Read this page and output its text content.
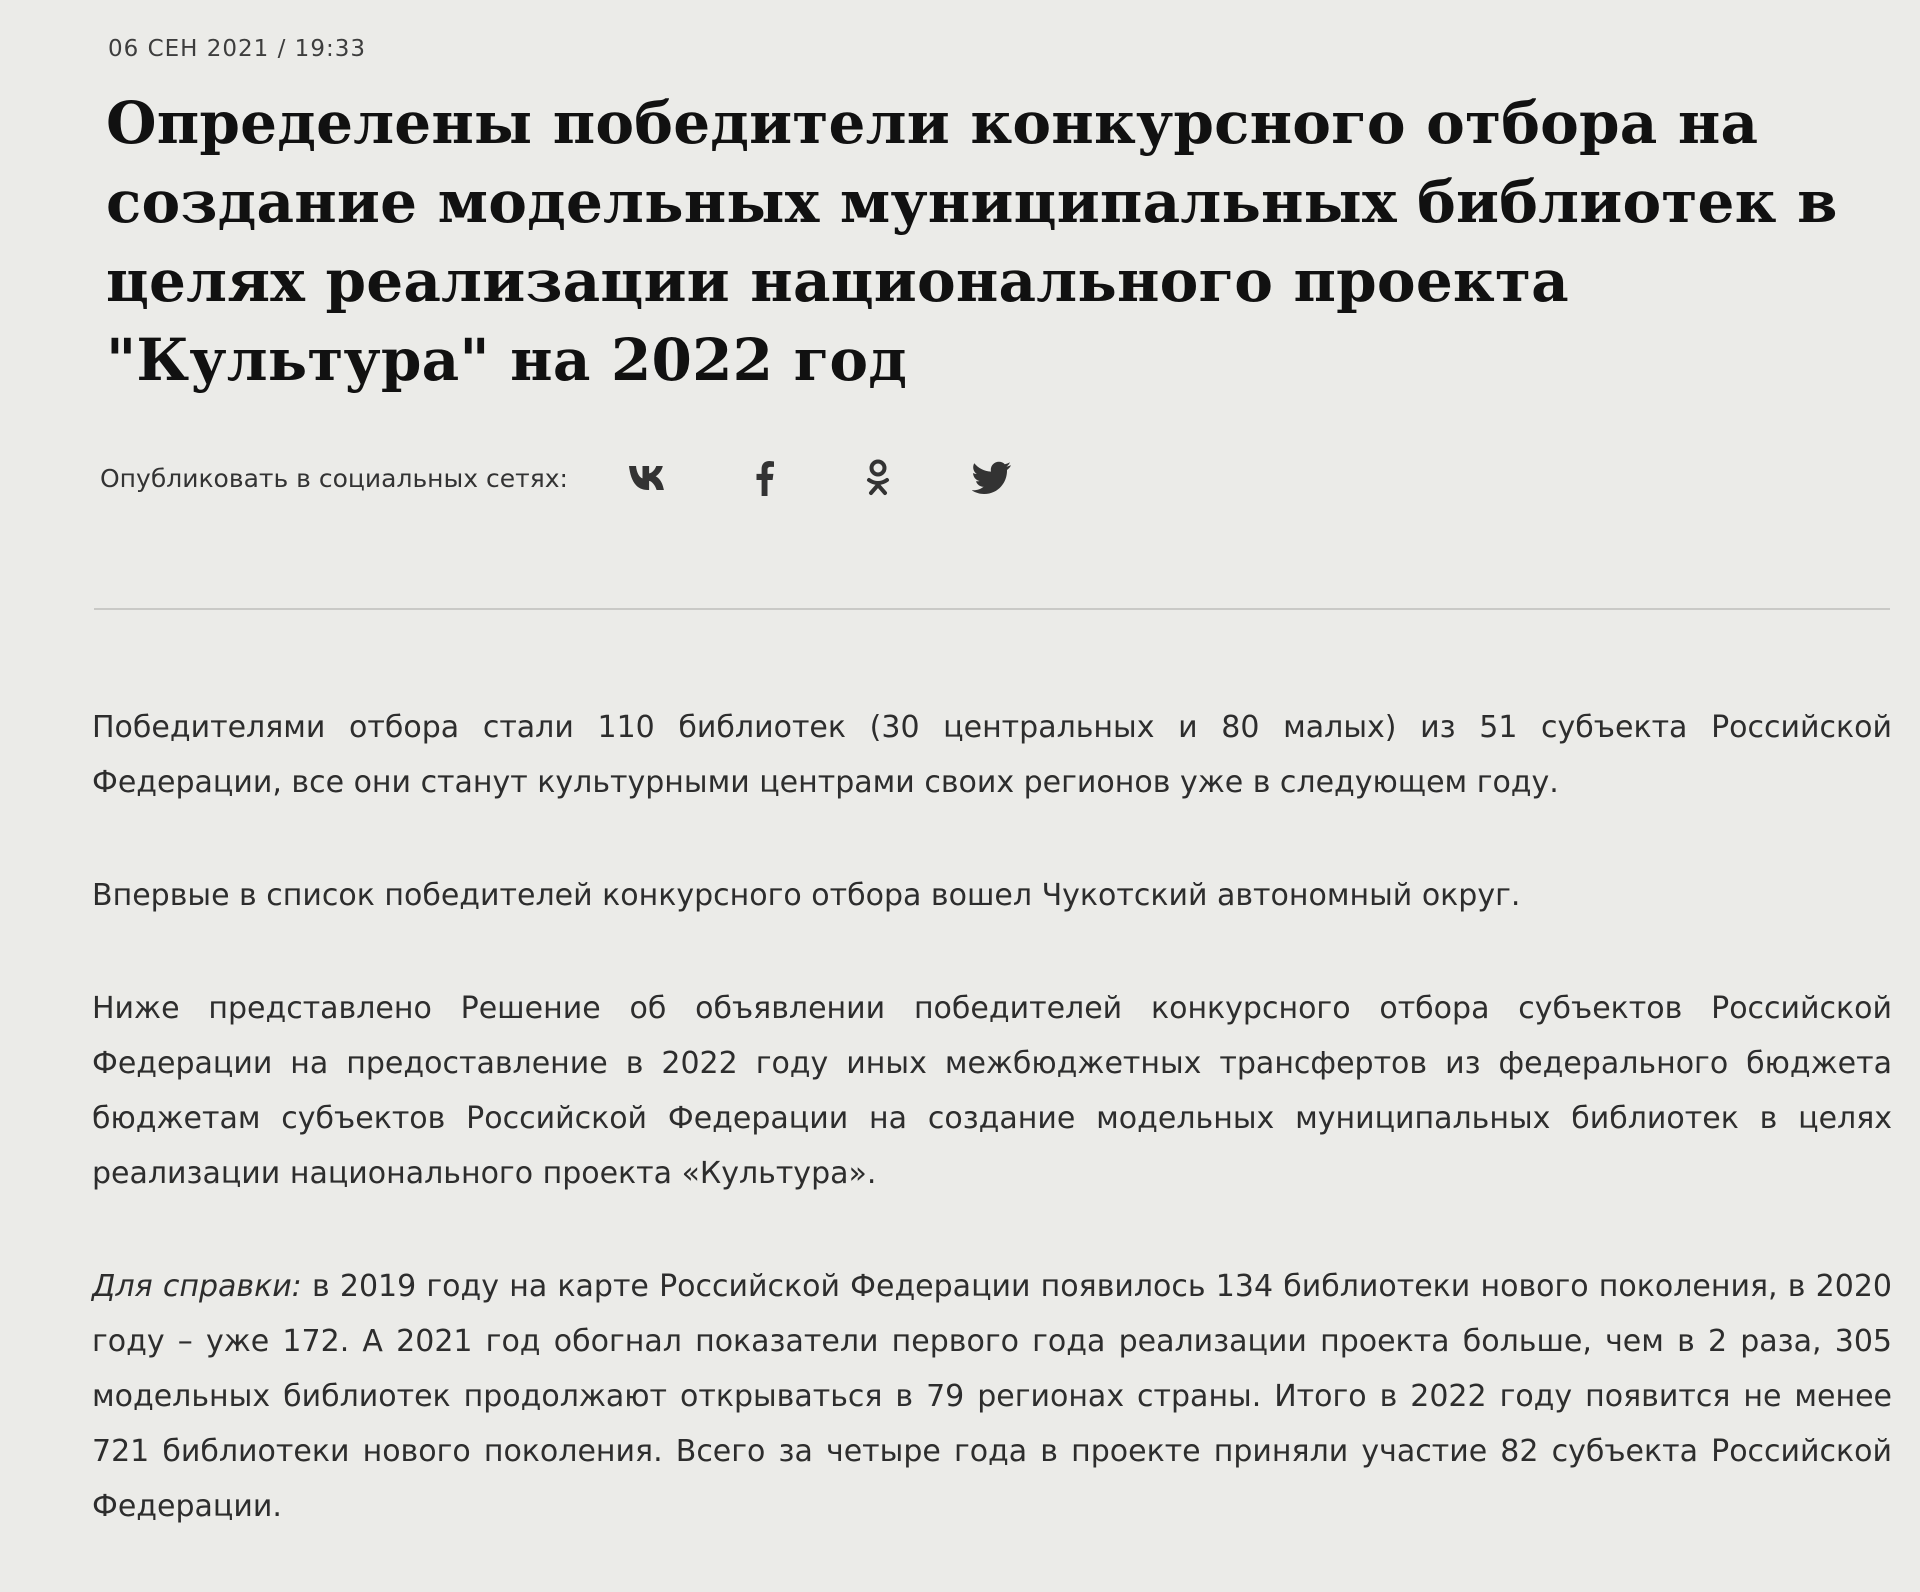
06 СЕН 2021 / 19:33
Определены победители конкурсного отбора на создание модельных муниципальных библиотек в целях реализации национального проекта "Культура" на 2022 год
Опубликовать в социальных сетях:

Победителями отбора стали 110 библиотек (30 центральных и 80 малых) из 51 субъекта Российской Федерации, все они станут культурными центрами своих регионов уже в следующем году.

Впервые в список победителей конкурсного отбора вошел Чукотский автономный округ.

Ниже представлено Решение об объявлении победителей конкурсного отбора субъектов Российской Федерации на предоставление в 2022 году иных межбюджетных трансфертов из федерального бюджета бюджетам субъектов Российской Федерации на создание модельных муниципальных библиотек в целях реализации национального проекта «Культура».

Для справки: в 2019 году на карте Российской Федерации появилось 134 библиотеки нового поколения, в 2020 году – уже 172. А 2021 год обогнал показатели первого года реализации проекта больше, чем в 2 раза, 305 модельных библиотек продолжают открываться в 79 регионах страны. Итого в 2022 году появится не менее 721 библиотеки нового поколения. Всего за четыре года в проекте приняли участие 82 субъекта Российской Федерации.
